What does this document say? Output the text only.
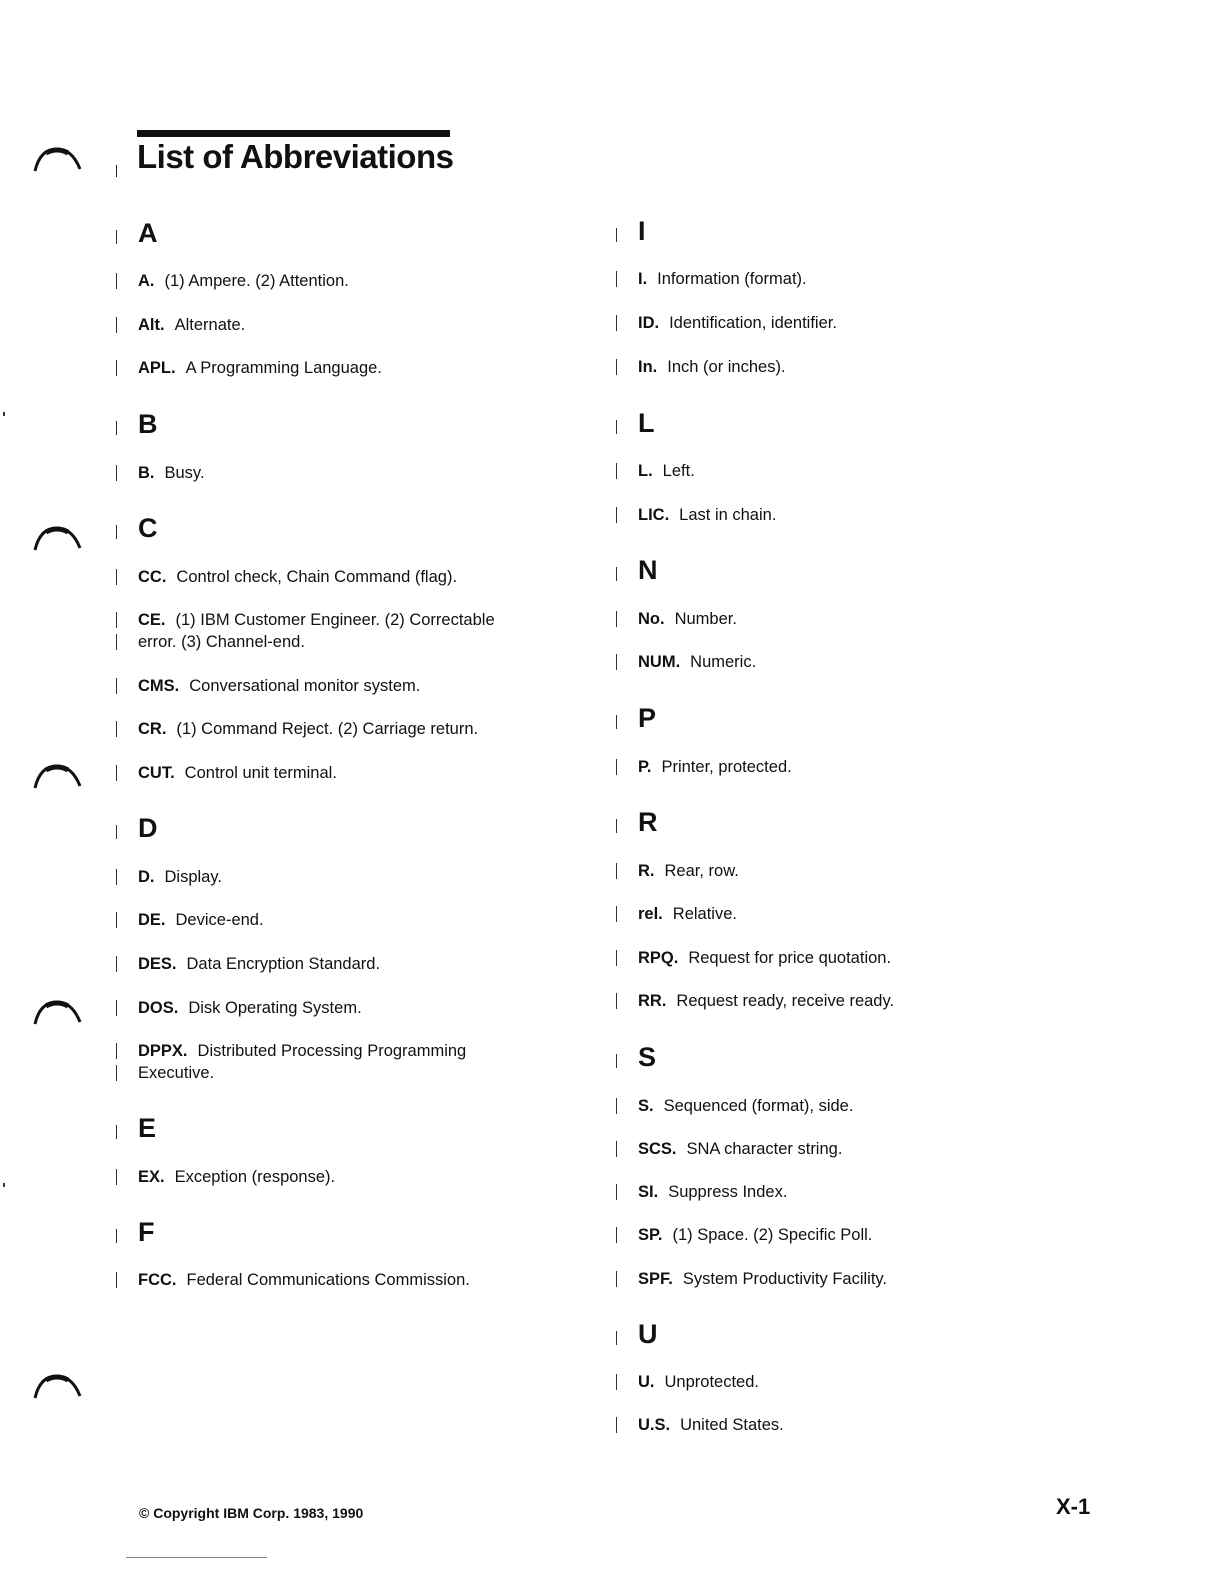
List of Abbreviations
A
A. (1) Ampere. (2) Attention.
Alt. Alternate.
APL. A Programming Language.
B
B. Busy.
C
CC. Control check, Chain Command (flag).
CE. (1) IBM Customer Engineer. (2) Correctable
error. (3) Channel-end.
CMS. Conversational monitor system.
CR. (1) Command Reject. (2) Carriage return.
CUT. Control unit terminal.
D
D. Display.
DE. Device-end.
DES. Data Encryption Standard.
DOS. Disk Operating System.
DPPX. Distributed Processing Programming
Executive.
E
EX. Exception (response).
F
FCC. Federal Communications Commission.
I
I. Information (format).
ID. Identification, identifier.
In. Inch (or inches).
L
L. Left.
LIC. Last in chain.
N
No. Number.
NUM. Numeric.
P
P. Printer, protected.
R
R. Rear, row.
rel. Relative.
RPQ. Request for price quotation.
RR. Request ready, receive ready.
S
S. Sequenced (format), side.
SCS. SNA character string.
SI. Suppress Index.
SP. (1) Space. (2) Specific Poll.
SPF. System Productivity Facility.
U
U. Unprotected.
U.S. United States.
© Copyright IBM Corp. 1983, 1990	X-1
